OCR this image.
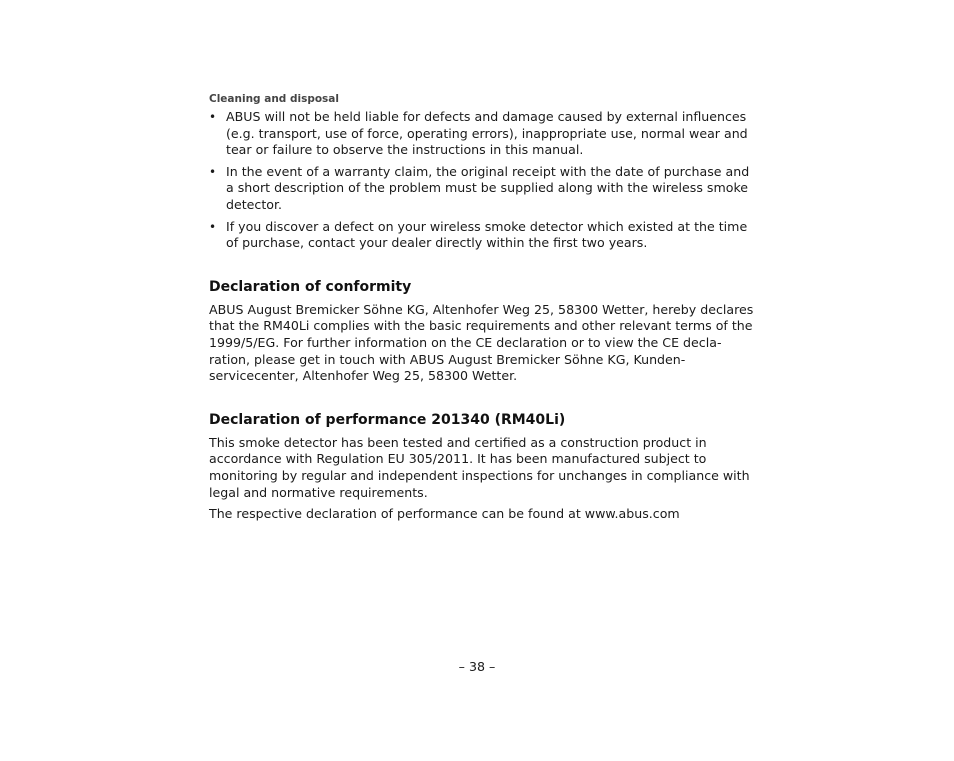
Cleaning and disposal
• ABUS will not be held liable for defects and damage caused by external influences (e.g. transport, use of force, operating errors), inappropriate use, normal wear and tear or failure to observe the instructions in this manual.
• In the event of a warranty claim, the original receipt with the date of purchase and a short description of the problem must be supplied along with the wireless smoke detector.
• If you discover a defect on your wireless smoke detector which existed at the time of purchase, contact your dealer directly within the first two years.
Declaration of conformity

ABUS August Bremicker Söhne KG, Altenhofer Weg 25, 58300 Wetter, hereby declares that the RM40Li complies with the basic requirements and other relevant terms of the 1999/5/EG. For further information on the CE declaration or to view the CE decla-ration, please get in touch with ABUS August Bremicker Söhne KG, Kunden-servicecenter, Altenhofer Weg 25, 58300 Wetter.

Declaration of performance 201340 (RM40Li)

This smoke detector has been tested and certified as a construction product in accordance with Regulation EU 305/2011. It has been manufactured subject to monitoring by regular and independent inspections for unchanges in compliance with legal and normative requirements.

The respective declaration of performance can be found at www.abus.com

– 38 –
